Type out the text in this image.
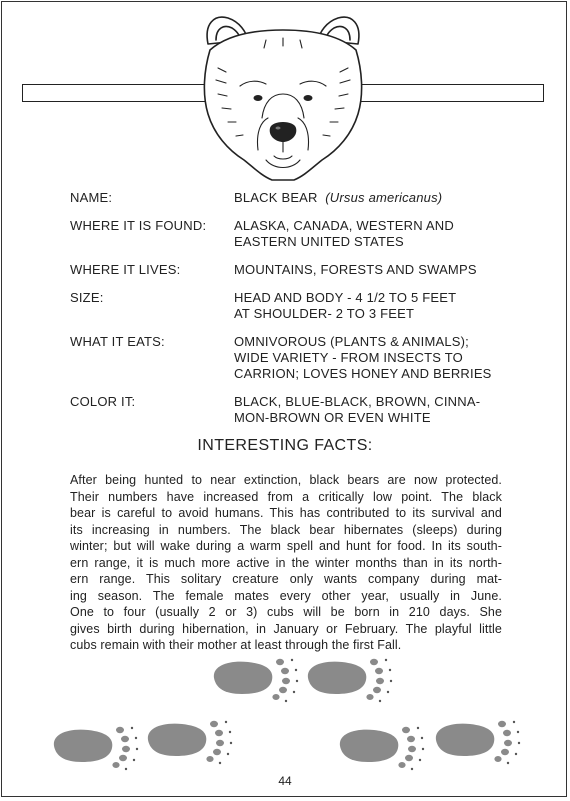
NAME:	BLACK BEAR (Ursus americanus)
WHERE IT IS FOUND:	ALASKA, CANADA, WESTERN AND
EASTERN UNITED STATES
WHERE IT LIVES:	MOUNTAINS, FORESTS AND SWAMPS
SIZE:	HEAD AND BODY - 4 1/2 TO 5 FEET
AT SHOULDER- 2 TO 3 FEET
WHAT IT EATS:	OMNIVOROUS (PLANTS & ANIMALS);
WIDE VARIETY - FROM INSECTS TO
CARRION; LOVES HONEY AND BERRIES
COLOR IT:	BLACK, BLUE-BLACK, BROWN, CINNA-
MON-BROWN OR EVEN WHITE
INTERESTING FACTS:
After being hunted to near extinction, black bears are now protected.
Their numbers have increased from a critically low point. The black
bear is careful to avoid humans. This has contributed to its survival and
its increasing in numbers. The black bear hibernates (sleeps) during
winter; but will wake during a warm spell and hunt for food. In its south-
ern range, it is much more active in the winter months than in its north-
ern range. This solitary creature only wants company during mat-
ing season. The female mates every other year, usually in June.
One to four (usually 2 or 3) cubs will be born in 210 days. She
gives birth during hibernation, in January or February. The playful little
cubs remain with their mother at least through the first Fall.
44
